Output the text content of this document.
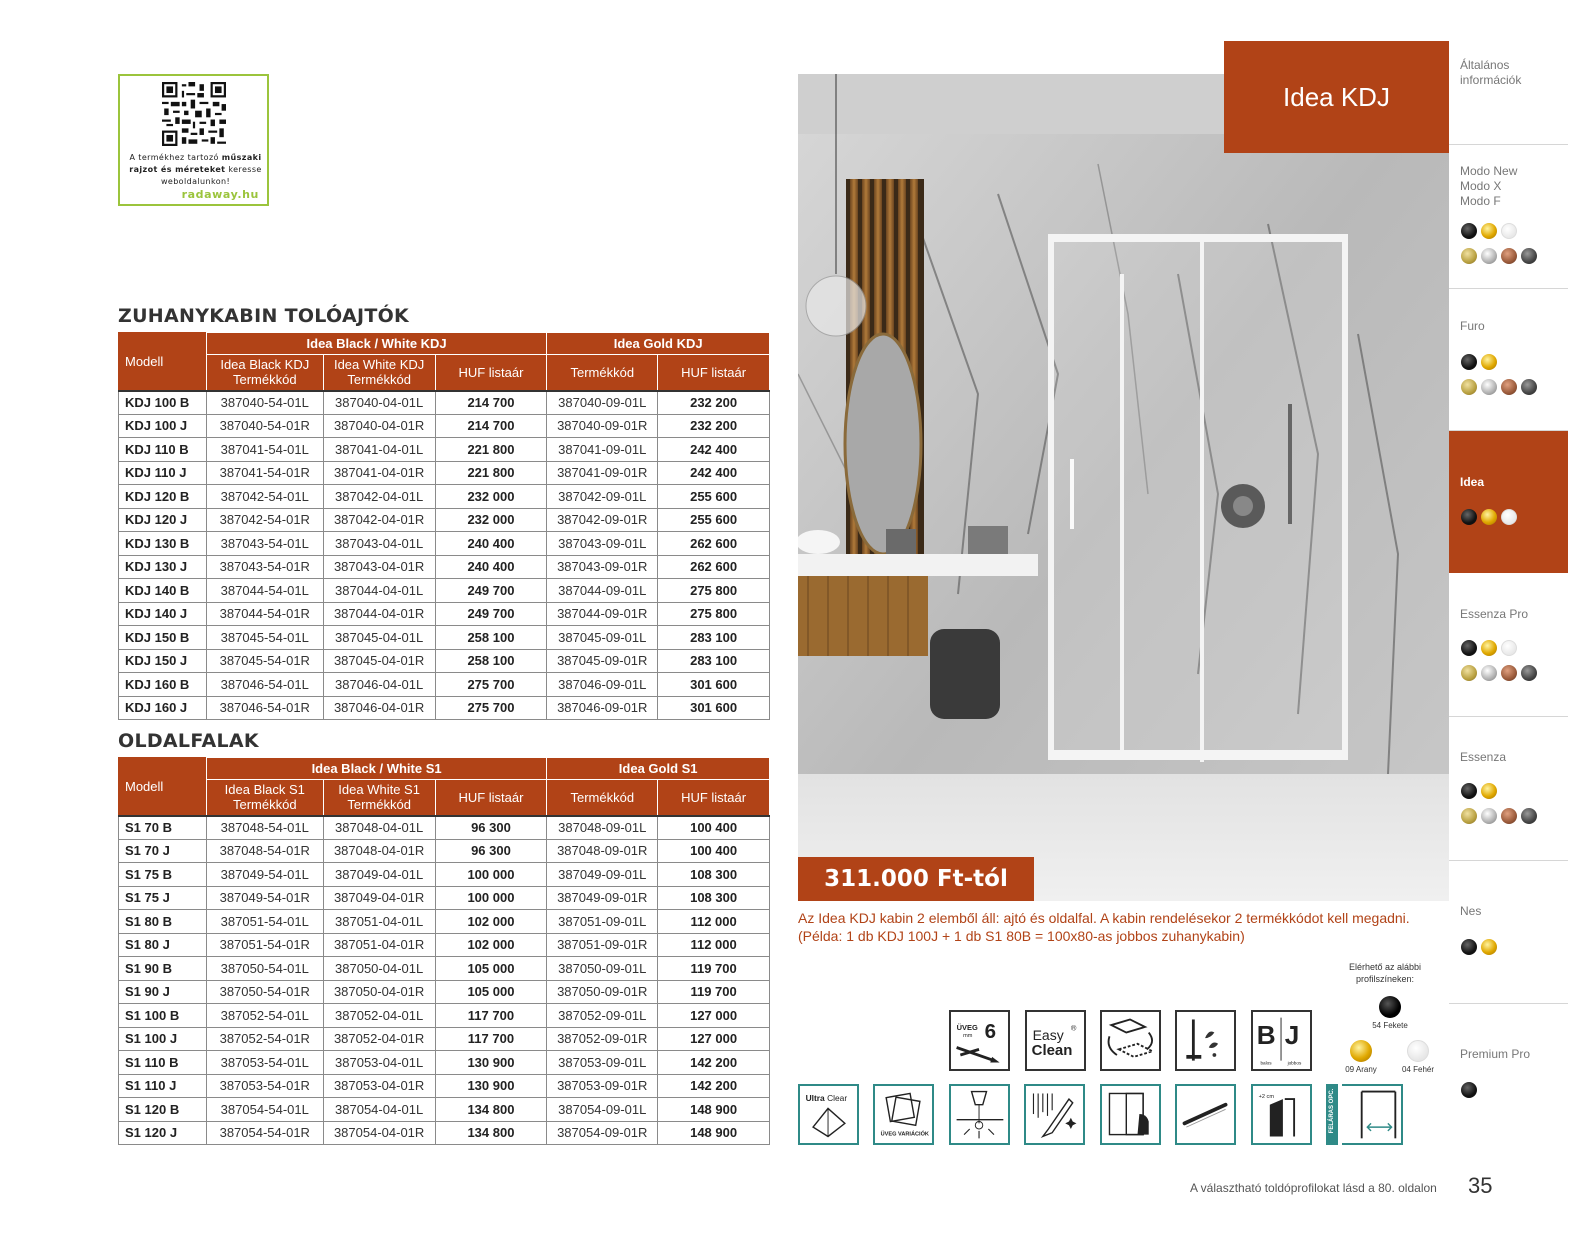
A termékhez tartozó műszaki rajzot és méreteket keresse weboldalunkon!
radaway.hu
ZUHANYKABIN TOLÓAJTÓK
Modell	Idea Black / White KDJ			Idea Gold KDJ	
	Idea Black KDJ Termékkód	Idea White KDJ Termékkód	HUF listaár	Termékkód	HUF listaár
KDJ 100 B	387040-54-01L	387040-04-01L	214 700	387040-09-01L	232 200
KDJ 100 J	387040-54-01R	387040-04-01R	214 700	387040-09-01R	232 200
KDJ 110 B	387041-54-01L	387041-04-01L	221 800	387041-09-01L	242 400
KDJ 110 J	387041-54-01R	387041-04-01R	221 800	387041-09-01R	242 400
KDJ 120 B	387042-54-01L	387042-04-01L	232 000	387042-09-01L	255 600
KDJ 120 J	387042-54-01R	387042-04-01R	232 000	387042-09-01R	255 600
KDJ 130 B	387043-54-01L	387043-04-01L	240 400	387043-09-01L	262 600
KDJ 130 J	387043-54-01R	387043-04-01R	240 400	387043-09-01R	262 600
KDJ 140 B	387044-54-01L	387044-04-01L	249 700	387044-09-01L	275 800
KDJ 140 J	387044-54-01R	387044-04-01R	249 700	387044-09-01R	275 800
KDJ 150 B	387045-54-01L	387045-04-01L	258 100	387045-09-01L	283 100
KDJ 150 J	387045-54-01R	387045-04-01R	258 100	387045-09-01R	283 100
KDJ 160 B	387046-54-01L	387046-04-01L	275 700	387046-09-01L	301 600
KDJ 160 J	387046-54-01R	387046-04-01R	275 700	387046-09-01R	301 600
OLDALFALAK
Modell	Idea Black / White S1			Idea Gold S1	
	Idea Black S1 Termékkód	Idea White S1 Termékkód	HUF listaár	Termékkód	HUF listaár
S1 70 B	387048-54-01L	387048-04-01L	96 300	387048-09-01L	100 400
S1 70 J	387048-54-01R	387048-04-01R	96 300	387048-09-01R	100 400
S1 75 B	387049-54-01L	387049-04-01L	100 000	387049-09-01L	108 300
S1 75 J	387049-54-01R	387049-04-01R	100 000	387049-09-01R	108 300
S1 80 B	387051-54-01L	387051-04-01L	102 000	387051-09-01L	112 000
S1 80 J	387051-54-01R	387051-04-01R	102 000	387051-09-01R	112 000
S1 90 B	387050-54-01L	387050-04-01L	105 000	387050-09-01L	119 700
S1 90 J	387050-54-01R	387050-04-01R	105 000	387050-09-01R	119 700
S1 100 B	387052-54-01L	387052-04-01L	117 700	387052-09-01L	127 000
S1 100 J	387052-54-01R	387052-04-01R	117 700	387052-09-01R	127 000
S1 110 B	387053-54-01L	387053-04-01L	130 900	387053-09-01L	142 200
S1 110 J	387053-54-01R	387053-04-01R	130 900	387053-09-01R	142 200
S1 120 B	387054-54-01L	387054-04-01L	134 800	387054-09-01L	148 900
S1 120 J	387054-54-01R	387054-04-01R	134 800	387054-09-01R	148 900
Idea KDJ
311.000 Ft-tól
Az Idea KDJ kabin 2 elemből áll: ajtó és oldalfal. A kabin rendelésekor 2 termékkódot kell megadni.
(Példa: 1 db KDJ 100J + 1 db S1 80B = 100x80-as jobbos zuhanykabin)
Általános információk
Modo New
Modo X
Modo F
Furo
Idea
Essenza Pro
Essenza
Nes
Premium Pro
ÜVEG
mm 6 Easy ®
Clean
B J
balos	jobbos
Elérhető az alábbi profilszíneken:
54 Fekete
09 Arany	04 Fehér
Ultra Clear
ÜVEG VARIÁCIÓK
+2 cm	FELÁRAS OPC.
A választható toldóprofilokat lásd a 80. oldalon 35
